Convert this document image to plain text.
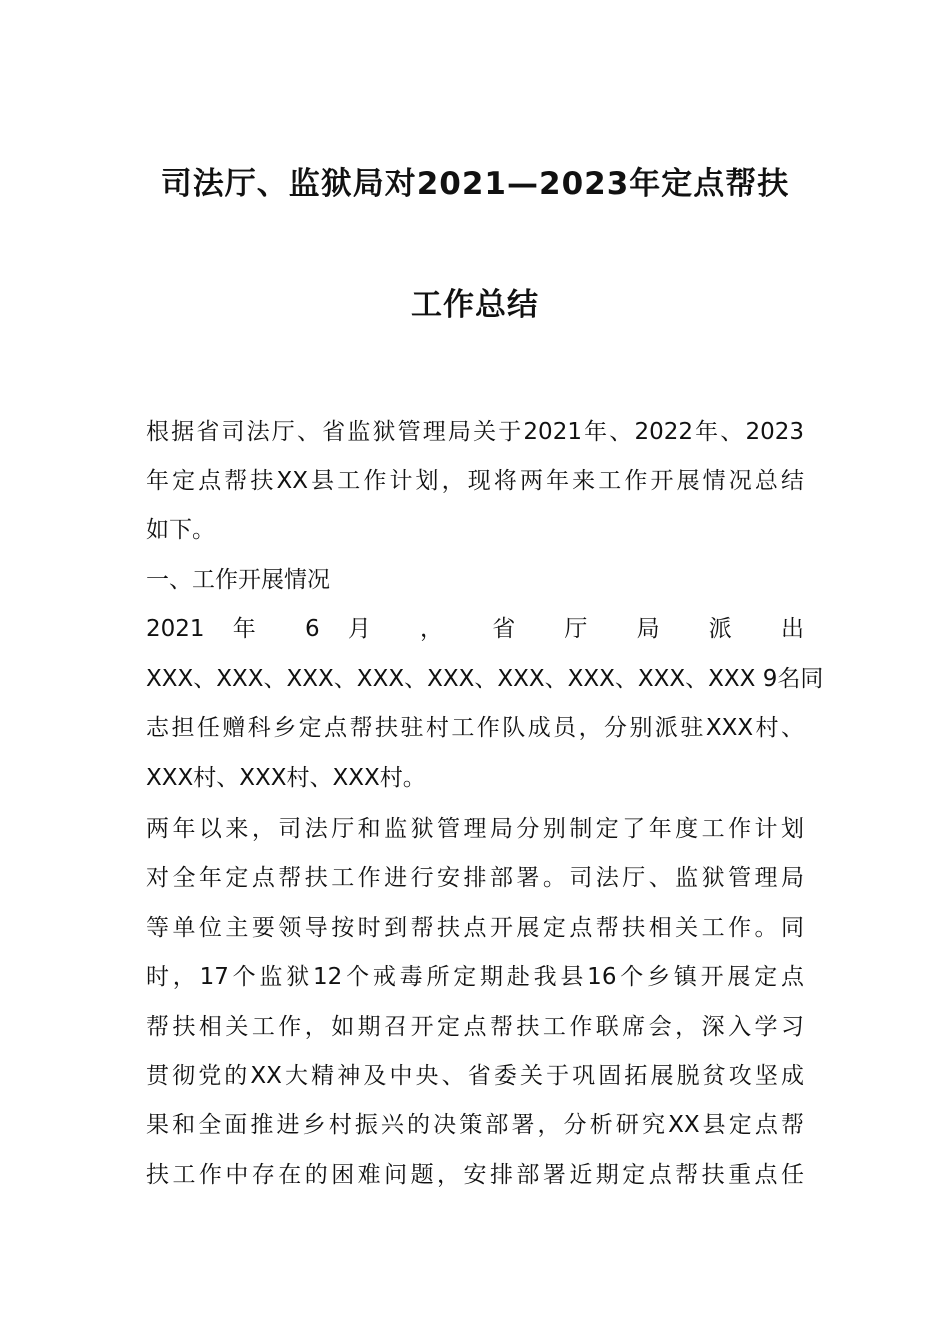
司法厅、监狱局对2021—2023年定点帮扶
工作总结
根据省司法厅、省监狱管理局关于2021年、2022年、2023
年定点帮扶XX县工作计划，现将两年来工作开展情况总结
如下。
一、工作开展情况
2021 年 6 月 ， 省 厅 局 派 出
XXX、XXX、XXX、XXX、XXX、XXX、XXX、XXX、XXX 9名同
志担任赠科乡定点帮扶驻村工作队成员，分别派驻XXX村、
XXX村、XXX村、XXX村。
两年以来，司法厅和监狱管理局分别制定了年度工作计划
对全年定点帮扶工作进行安排部署。司法厅、监狱管理局
等单位主要领导按时到帮扶点开展定点帮扶相关工作。同
时，17个监狱12个戒毒所定期赴我县16个乡镇开展定点
帮扶相关工作，如期召开定点帮扶工作联席会，深入学习
贯彻党的XX大精神及中央、省委关于巩固拓展脱贫攻坚成
果和全面推进乡村振兴的决策部署，分析研究XX县定点帮
扶工作中存在的困难问题，安排部署近期定点帮扶重点任
